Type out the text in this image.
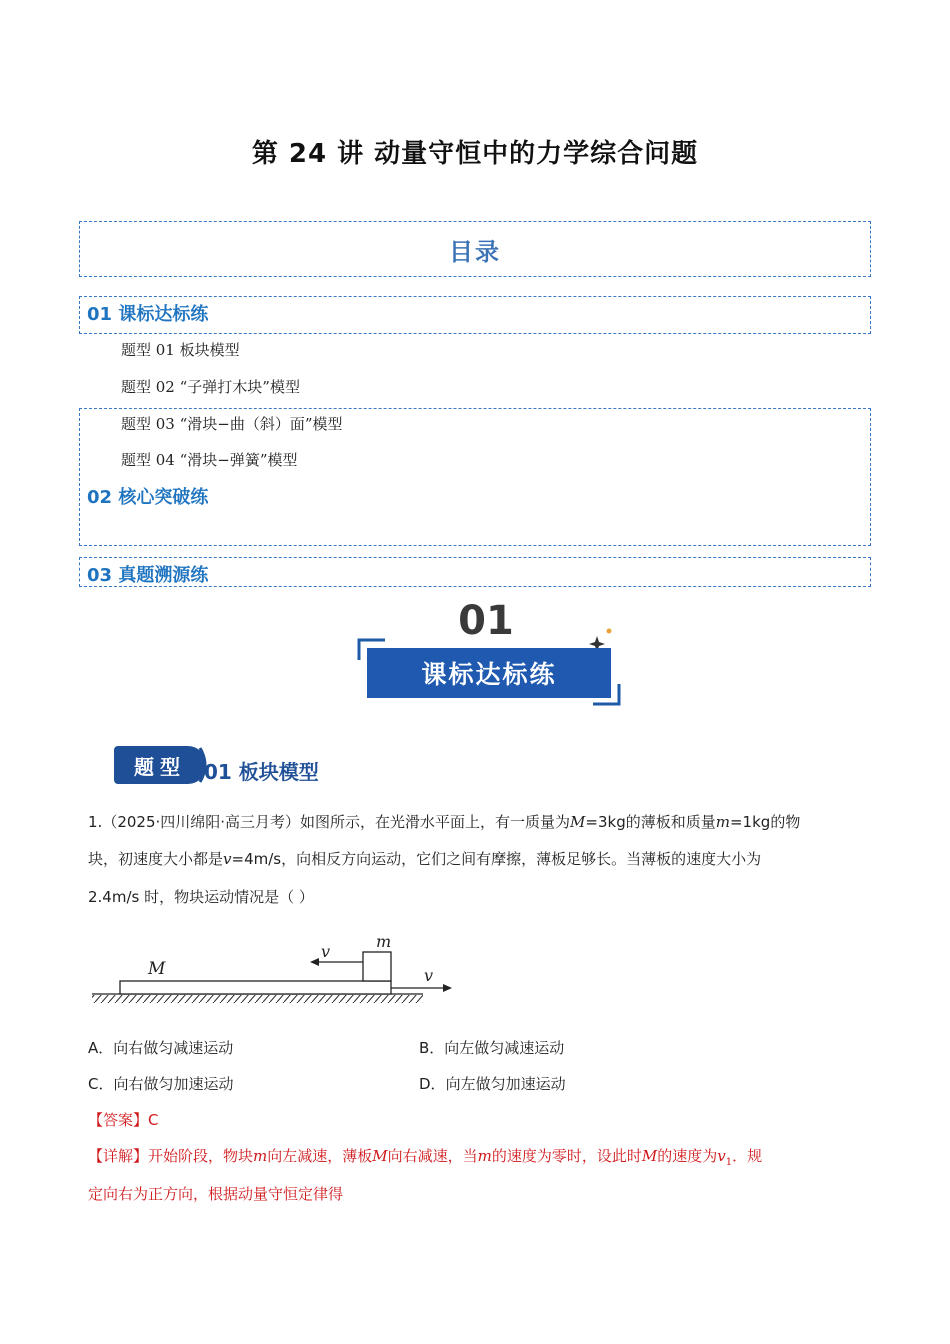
第 24 讲 动量守恒中的力学综合问题
目录
01 课标达标练
题型 01 板块模型
题型 02 “子弹打木块”模型
题型 03 “滑块−曲（斜）面”模型
题型 04 “滑块−弹簧”模型
02 核心突破练
03 真题溯源练
01
课标达标练
题型 01 板块模型
1.（2025·四川绵阳·高三月考）如图所示，在光滑水平面上，有一质量为M=3kg的薄板和质量m=1kg的物
块，初速度大小都是v=4m/s，向相反方向运动，它们之间有摩擦，薄板足够长。当薄板的速度大小为
2.4m/s 时，物块运动情况是（ ）
M
m
v
v
A．向右做匀减速运动	B．向左做匀减速运动
C．向右做匀加速运动	D．向左做匀加速运动
【答案】C
【详解】开始阶段，物块m向左减速，薄板M向右减速，当m的速度为零时，设此时M的速度为$v_1$．规
定向右为正方向，根据动量守恒定律得
